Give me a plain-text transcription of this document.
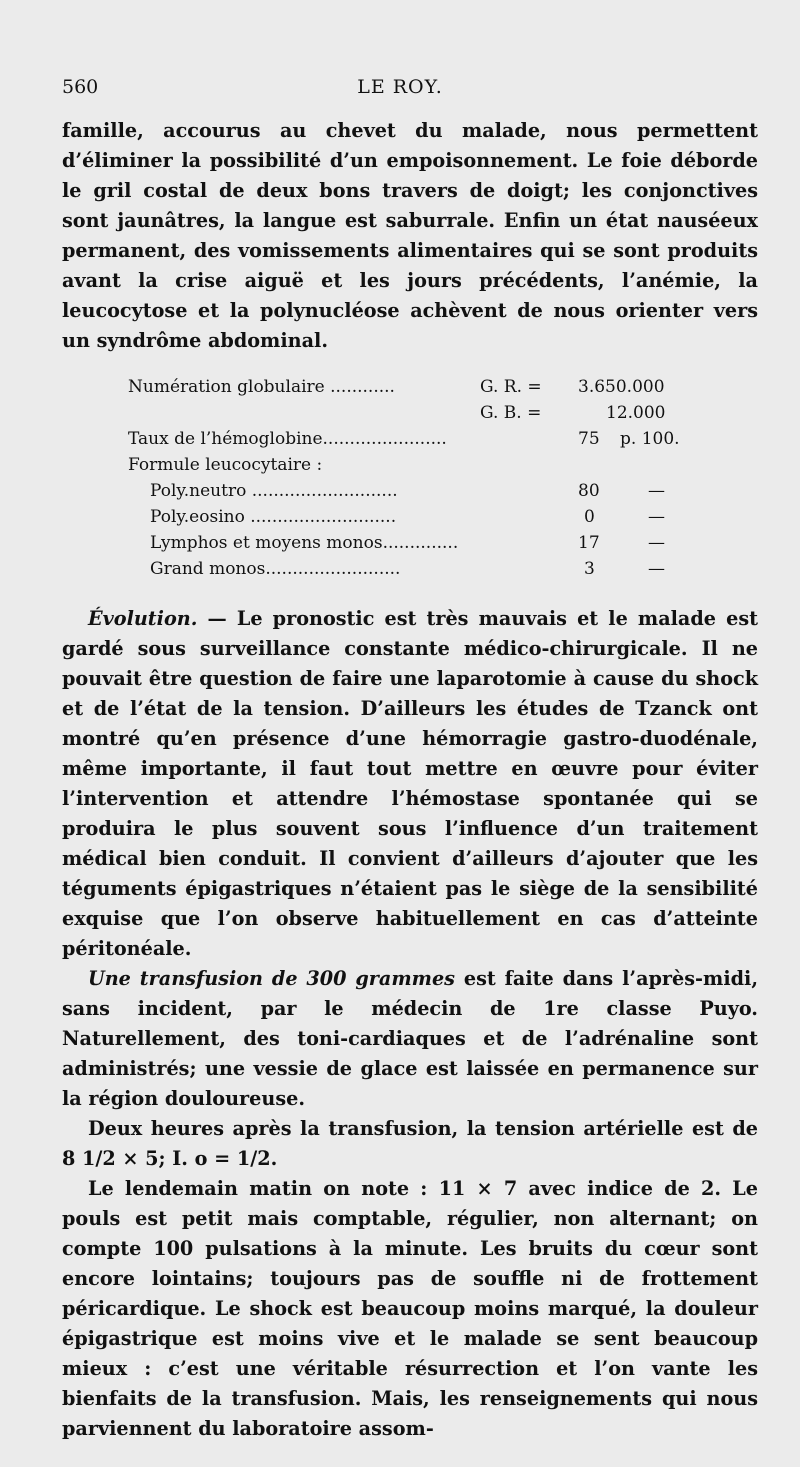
560	LE ROY.

famille, accourus au chevet du malade, nous permettent d’éliminer la possibilité d’un empoisonnement. Le foie déborde le gril costal de deux bons travers de doigt; les conjonctives sont jaunâtres, la langue est saburrale. Enfin un état nauséeux permanent, des vomissements alimentaires qui se sont produits avant la crise aiguë et les jours précédents, l’anémie, la leucocytose et la polynucléose achèvent de nous orienter vers un syndrôme abdominal.

Numération globulaire ............	G. R. = 3.650.000
G. B. =	12.000
Taux de l’hémoglobine.......................	75 p. 100.
Formule leucocytaire :
Poly.neutro ...........................	80	—
Poly.eosino ...........................	0	—
Lymphos et moyens monos..............	17	—
Grand monos.........................	3	—

Évolution. — Le pronostic est très mauvais et le malade est gardé sous surveillance constante médico-chirurgicale. Il ne pouvait être question de faire une laparotomie à cause du shock et de l’état de la tension. D’ailleurs les études de Tzanck ont montré qu’en présence d’une hémorragie gastro-duodénale, même importante, il faut tout mettre en œuvre pour éviter l’intervention et attendre l’hémostase spontanée qui se produira le plus souvent sous l’influence d’un traitement médical bien conduit. Il convient d’ailleurs d’ajouter que les téguments épigastriques n’étaient pas le siège de la sensibilité exquise que l’on observe habituellement en cas d’atteinte péritonéale.

Une transfusion de 300 grammes est faite dans l’après-midi, sans incident, par le médecin de 1re classe Puyo. Naturellement, des toni-cardiaques et de l’adrénaline sont administrés; une vessie de glace est laissée en permanence sur la région douloureuse.

Deux heures après la transfusion, la tension artérielle est de 8 1/2 × 5; I. o = 1/2.

Le lendemain matin on note : 11 × 7 avec indice de 2. Le pouls est petit mais comptable, régulier, non alternant; on compte 100 pulsations à la minute. Les bruits du cœur sont encore lointains; toujours pas de souffle ni de frottement péricardique. Le shock est beaucoup moins marqué, la douleur épigastrique est moins vive et le malade se sent beaucoup mieux : c’est une véritable résurrection et l’on vante les bienfaits de la transfusion. Mais, les renseignements qui nous parviennent du laboratoire assom-
